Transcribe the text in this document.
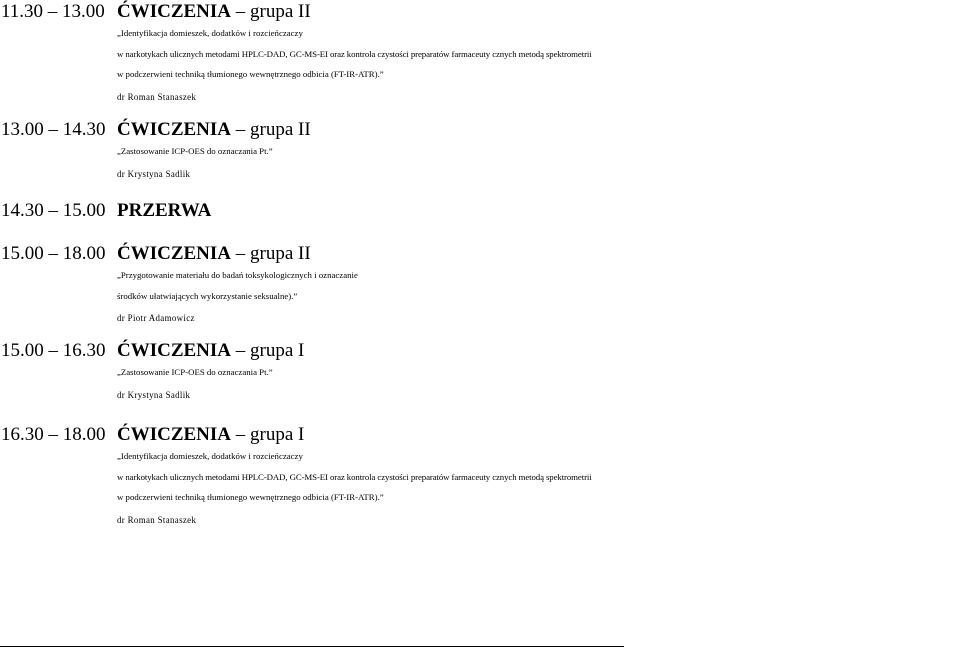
11.30 – 13.00 ĆWICZENIA – grupa II
„Identyfikacja domieszek, dodatków i rozcieńczaczy
w narkotykach ulicznych metodami HPLC-DAD, GC-MS-EI oraz kontrola czystości preparatów farmaceuty cznych metodą spektrometrii
w podczerwieni techniką tłumionego wewnętrznego odbicia (FT-IR-ATR).”
dr Roman Stanaszek
13.00 – 14.30 ĆWICZENIA – grupa II
„Zastosowanie ICP-OES do oznaczania Pt.”
dr Krystyna Sadlik
14.30 – 15.00 PRZERWA
15.00 – 18.00 ĆWICZENIA – grupa II
„Przygotowanie materiału do badań toksykologicznych i oznaczanie
środków ułatwiających wykorzystanie seksualne).”
dr Piotr Adamowicz
15.00 – 16.30 ĆWICZENIA – grupa I
„Zastosowanie ICP-OES do oznaczania Pt.”
dr Krystyna Sadlik
16.30 – 18.00 ĆWICZENIA – grupa I
„Identyfikacja domieszek, dodatków i rozcieńczaczy
w narkotykach ulicznych metodami HPLC-DAD, GC-MS-EI oraz kontrola czystości preparatów farmaceuty cznych metodą spektrometrii
w podczerwieni techniką tłumionego wewnętrznego odbicia (FT-IR-ATR).”
dr Roman Stanaszek
